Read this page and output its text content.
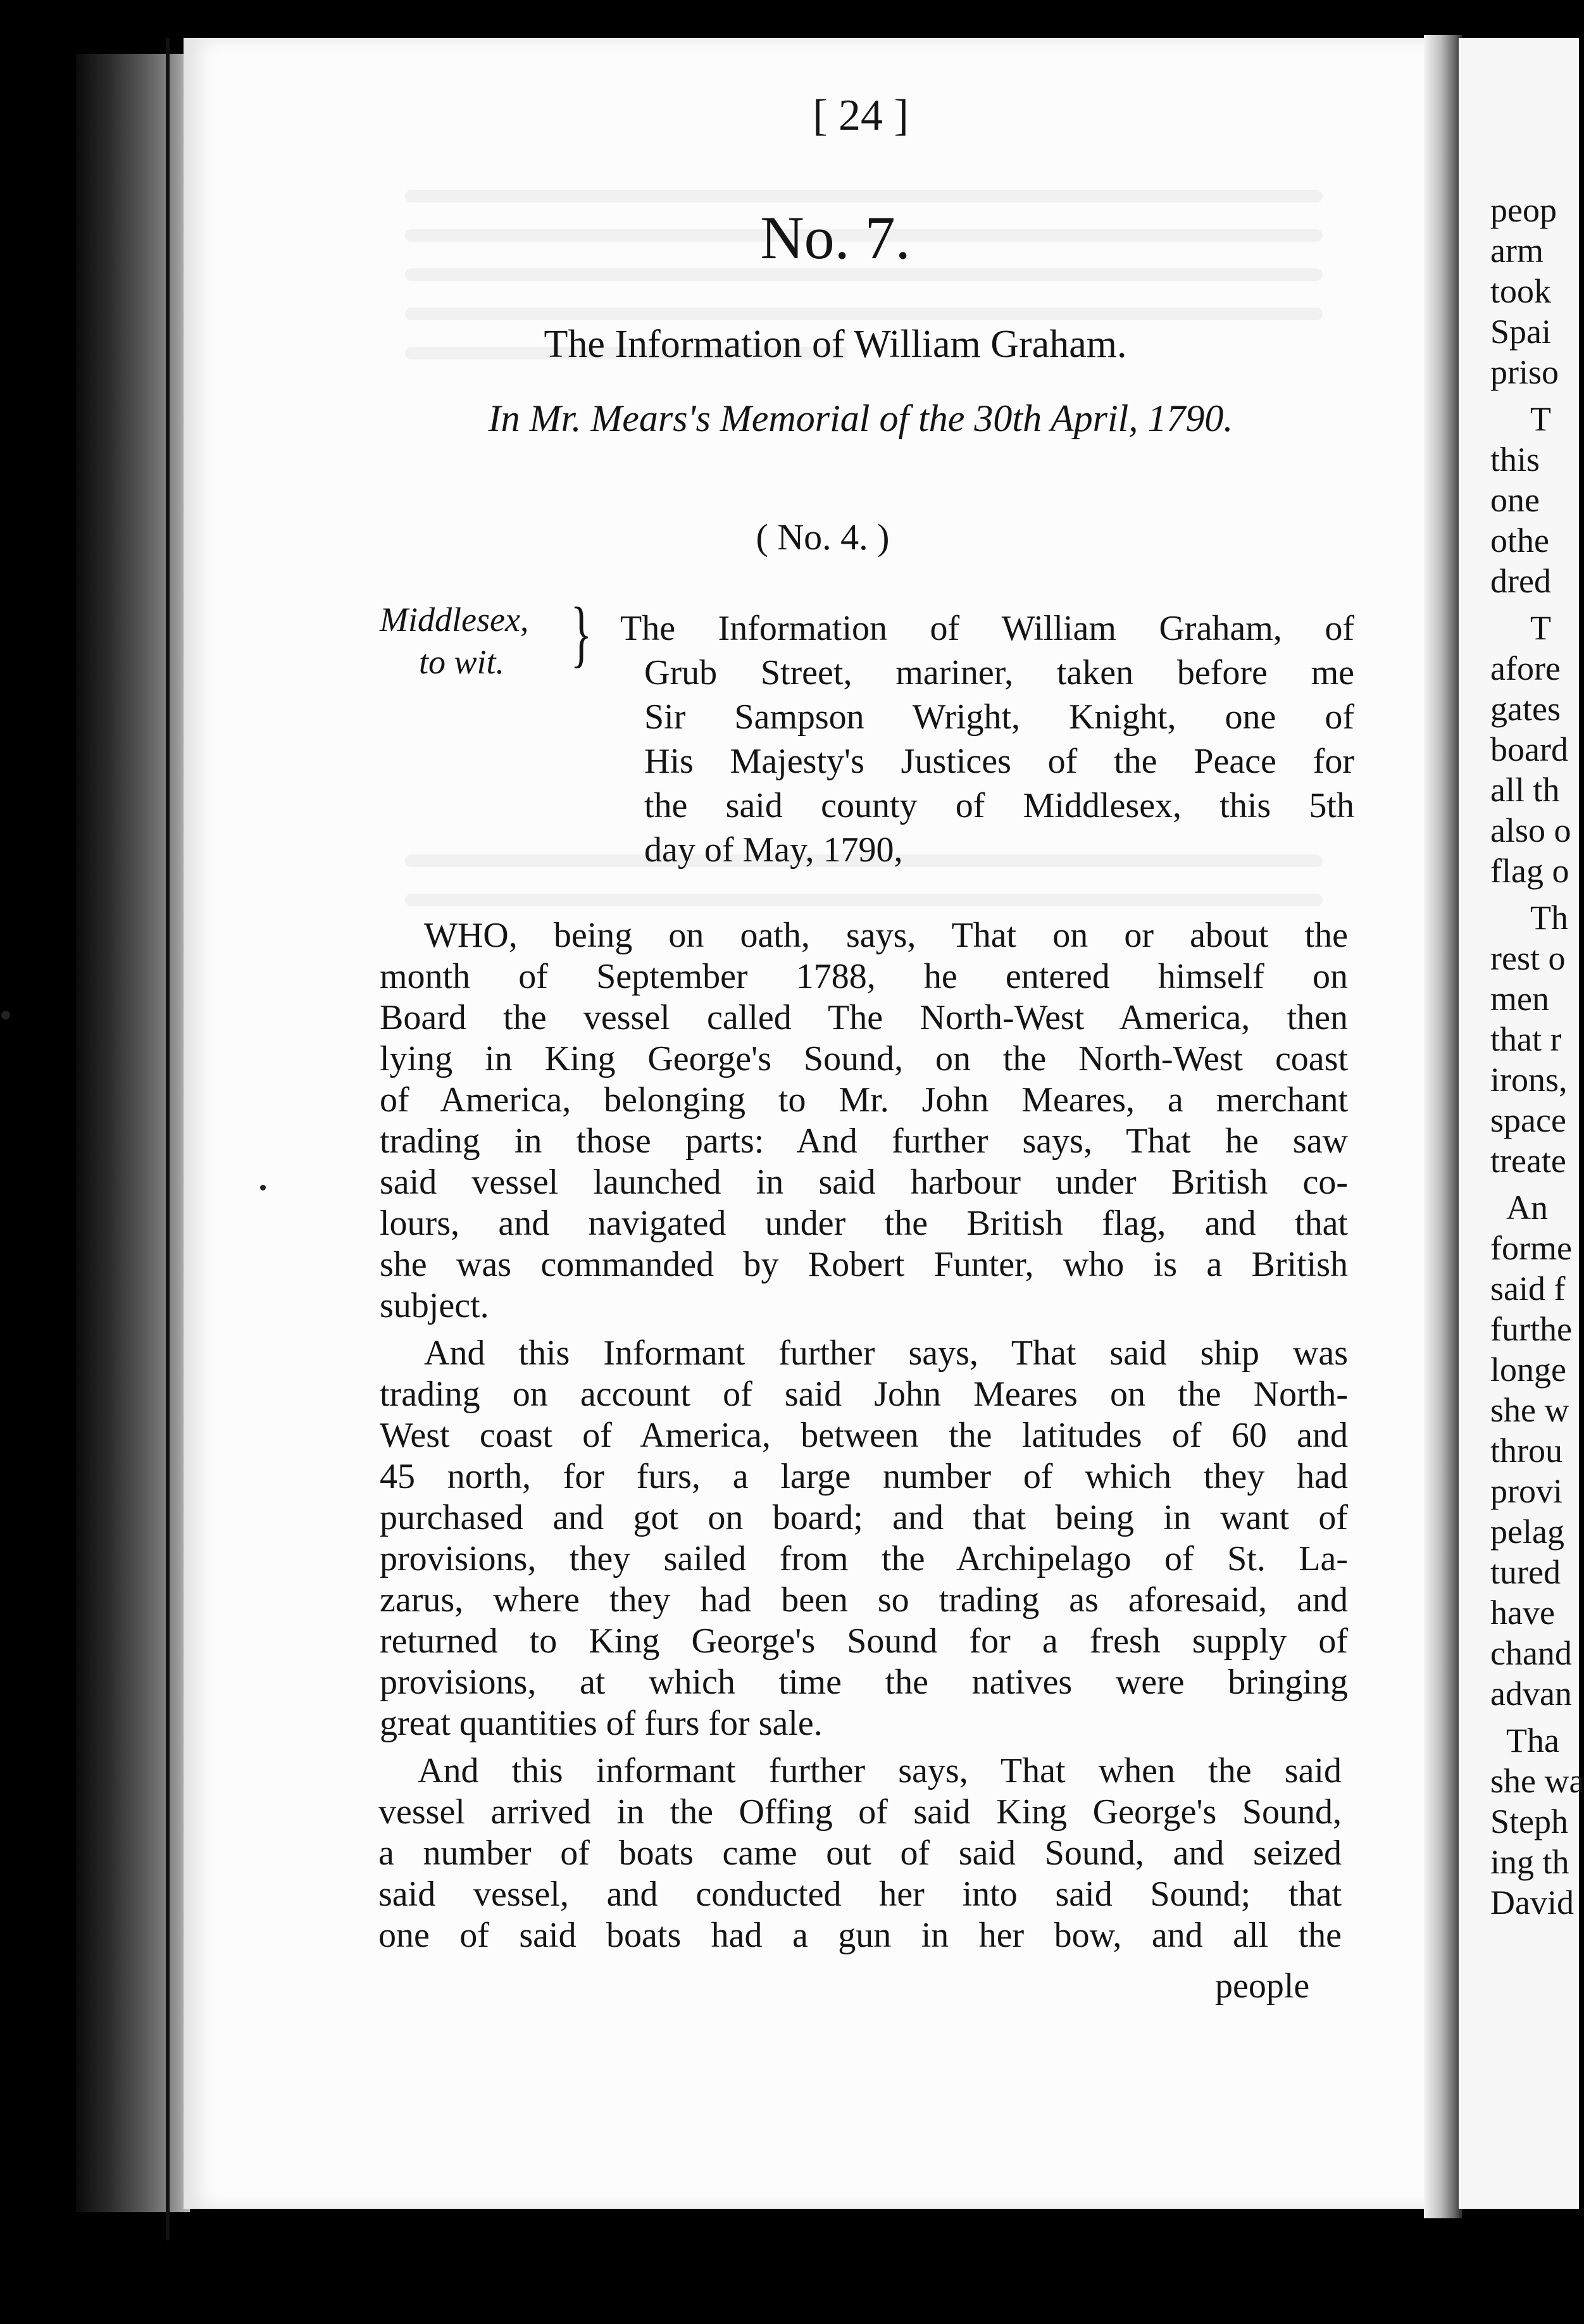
[ 24 ]
No. 7.
The Information of William Graham.
In Mr. Mears's Memorial of the 30th April, 1790.
( No. 4. )
Middlesex,
to wit. } The Information of William Graham, of
Grub Street, mariner, taken before me
Sir Sampson Wright, Knight, one of
His Majesty's Justices of the Peace for
the said county of Middlesex, this 5th
day of May, 1790,
WHO, being on oath, says, That on or about the
month of September 1788, he entered himself on
Board the vessel called The North-West America, then
lying in King George's Sound, on the North-West coast
of America, belonging to Mr. John Meares, a merchant
trading in those parts: And further says, That he saw
said vessel launched in said harbour under British co-
lours, and navigated under the British flag, and that
she was commanded by Robert Funter, who is a British
subject.
And this Informant further says, That said ship was
trading on account of said John Meares on the North-
West coast of America, between the latitudes of 60 and
45 north, for furs, a large number of which they had
purchased and got on board; and that being in want of
provisions, they sailed from the Archipelago of St. La-
zarus, where they had been so trading as aforesaid, and
returned to King George's Sound for a fresh supply of
provisions, at which time the natives were bringing
great quantities of furs for sale.
And this informant further says, That when the said
vessel arrived in the Offing of said King George's Sound,
a number of boats came out of said Sound, and seized
said vessel, and conducted her into said Sound; that
one of said boats had a gun in her bow, and all the
people
peop
arm
took
Spai
priso
T
this
one
othe
dred
T
afore
gates
board
all th
also o
flag o
Th
rest o
men
that r
irons,
space
treate
An
forme
said f
furthe
longe
she w
throu
provi
pelag
tured
have
chand
advan
Tha
she wa
Steph
ing th
David
